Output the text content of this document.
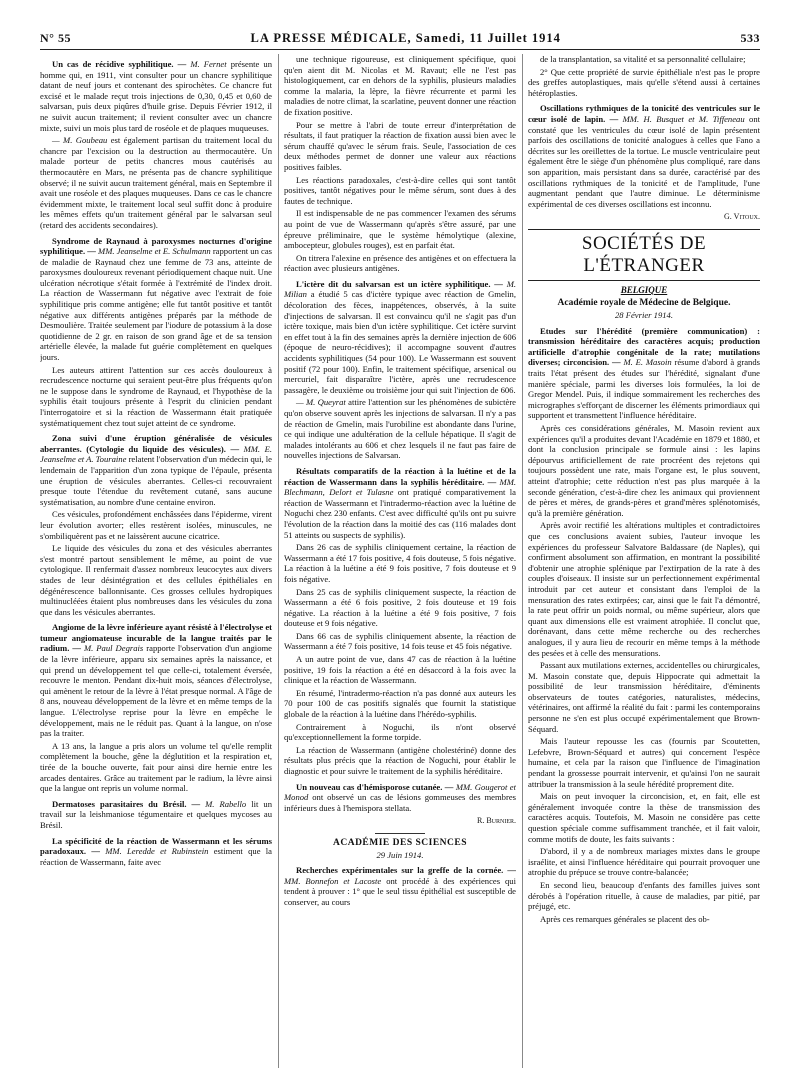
N° 55	LA PRESSE MÉDICALE, Samedi, 11 Juillet 1914	533

Un cas de récidive syphilitique. — M. Fernet présente un homme qui, en 1911, vint consulter pour un chancre syphilitique datant de neuf jours et contenant des spirochètes. Ce chancre fut excisé et le malade reçut trois injections de 0,30, 0,45 et 0,60 de salvarsan, puis deux piqûres d'huile grise. Depuis Février 1912, il ne suivit aucun traitement; il revient consulter avec un chancre mixte, suivi un mois plus tard de roséole et de plaques muqueuses.

— M. Goubeau est également partisan du traitement local du chancre par l'excision ou la destruction au thermocautère. Un malade porteur de petits chancres mous cautérisés au thermocautère en Mars, ne présenta pas de chancre syphilitique observé; il ne suivit aucun traitement général, mais en Septembre il avait une roséole et des plaques muqueuses. Dans ce cas le chancre évidemment mixte, le traitement local seul suffit donc à produire les mêmes effets qu'un traitement général par le salvarsan seul (retard des accidents secondaires).

Syndrome de Raynaud à paroxysmes nocturnes d'origine syphilitique. — MM. Jeanselme et E. Schulmann rapportent un cas de maladie de Raynaud chez une femme de 73 ans, atteinte de paroxysmes douloureux revenant périodiquement chaque nuit. Une ulcération nécrotique s'était formée à l'extrémité de l'index droit. La réaction de Wassermann fut négative avec l'extrait de foie syphilitique pris comme antigène; elle fut tantôt positive et tantôt négative aux différents antigènes préparés par la méthode de Desmoulière. Traitée seulement par l'iodure de potassium à la dose quotidienne de 2 gr. en raison de son grand âge et de sa tension artérielle élevée, la malade fut guérie complètement en quelques jours.

Les auteurs attirent l'attention sur ces accès douloureux à recrudescence nocturne qui seraient peut-être plus fréquents qu'on ne le suppose dans le syndrome de Raynaud, et l'hypothèse de la syphilis était toujours présente à l'esprit du clinicien pendant l'interrogatoire et si la réaction de Wassermann était pratiquée systématiquement chez tout sujet atteint de ce syndrome.

Zona suivi d'une éruption généralisée de vésicules aberrantes. (Cytologie du liquide des vésicules). — MM. E. Jeanselme et A. Touraine relatent l'observation d'un médecin qui, le lendemain de l'apparition d'un zona typique de l'épaule, présenta une éruption de vésicules aberrantes. Celles-ci recouvraient presque toute l'étendue du revêtement cutané, sans aucune systématisation, au nombre d'une centaine environ.

Ces vésicules, profondément enchâssées dans l'épiderme, virent leur évolution avorter; elles restèrent isolées, minuscules, ne s'ombiliquèrent pas et ne laissèrent aucune cicatrice.

Le liquide des vésicules du zona et des vésicules aberrantes s'est montré partout sensiblement le même, au point de vue cytologique. Il renfermait d'assez nombreux leucocytes aux divers stades de leur désintégration et des cellules épithéliales en dégénérescence ballonnisante. Ces grosses cellules hydropiques multinucléées étaient plus nombreuses dans les vésicules du zona que dans les vésicules aberrantes.

Angiome de la lèvre inférieure ayant résisté à l'électrolyse et tumeur angiomateuse incurable de la langue traités par le radium. — M. Paul Degrais rapporte l'observation d'un angiome de la lèvre inférieure, apparu six semaines après la naissance, et qui prend un développement tel que celle-ci, totalement éversée, recouvre le menton. Pendant dix-huit mois, séances d'électrolyse, qui amènent le retour de la lèvre à l'état presque normal. A l'âge de 8 ans, nouveau développement de la lèvre et en même temps de la langue. L'électrolyse reprise pour la lèvre en empêche le développement, mais ne le réduit pas. Quant à la langue, on n'ose pas la traiter.

A 13 ans, la langue a pris alors un volume tel qu'elle remplit complètement la bouche, gêne la déglutition et la respiration et, tirée de la bouche ouverte, fait pour ainsi dire hernie entre les arcades dentaires. Grâce au traitement par le radium, la lèvre ainsi que la langue ont repris un volume normal.

Dermatoses parasitaires du Brésil. — M. Rabello lit un travail sur la leishmaniose tégumentaire et quelques mycoses au Brésil.

La spécificité de la réaction de Wassermann et les sérums paradoxaux. — MM. Leredde et Rubinstein estiment que la réaction de Wassermann, faite avec

une technique rigoureuse, est cliniquement spécifique, quoi qu'en aient dit M. Nicolas et M. Ravaut; elle ne l'est pas histologiquement, car en dehors de la syphilis, plusieurs maladies comme la malaria, la lèpre, la fièvre récurrente et parmi les maladies de notre climat, la scarlatine, peuvent donner une réaction de fixation positive.

Pour se mettre à l'abri de toute erreur d'interprétation de résultats, il faut pratiquer la réaction de fixation aussi bien avec le sérum chauffé qu'avec le sérum frais. Seule, l'association de ces deux méthodes permet de donner une valeur aux réactions positives faibles.

Les réactions paradoxales, c'est-à-dire celles qui sont tantôt positives, tantôt négatives pour le même sérum, sont dues à des fautes de technique.

Il est indispensable de ne pas commencer l'examen des sérums au point de vue de Wassermann qu'après s'être assuré, par une épreuve préliminaire, que le système hémolytique (alexine, ambocepteur, globules rouges), est en parfait état.

On titrera l'alexine en présence des antigènes et on effectuera la réaction avec plusieurs antigènes.

L'ictère dit du salvarsan est un ictère syphilitique. — M. Milian a étudié 5 cas d'ictère typique avec réaction de Gmelin, décoloration des fèces, inappétences, observés, à la suite d'injections de salvarsan. Il est convaincu qu'il ne s'agit pas d'un ictère toxique, mais bien d'un ictère syphilitique. Cet ictère survint en effet tout à la fin des semaines après la dernière injection de 606 (époque de neuro-récidives); il accompagne souvent d'autres accidents syphilitiques (54 pour 100). Le Wassermann est souvent positif (72 pour 100). Enfin, le traitement spécifique, arsenical ou mercuriel, fait disparaître l'ictère, après une recrudescence passagère, le deuxième ou troisième jour qui suit l'injection de 606.

— M. Queyrat attire l'attention sur les phénomènes de subictère qu'on observe souvent après les injections de salvarsan. Il n'y a pas de réaction de Gmelin, mais l'urobiline est abondante dans l'urine, ce qui indique une adultération de la cellule hépatique. Il s'agit de malades intolérants au 606 et chez lesquels il ne faut pas faire de nouvelles injections de Salvarsan.

Résultats comparatifs de la réaction à la luétine et de la réaction de Wassermann dans la syphilis héréditaire. — MM. Blechmann, Delort et Tulasne ont pratiqué comparativement la réaction de Wassermann et l'intradermo-réaction avec la luétine de Noguchi chez 230 enfants. C'est avec difficulté qu'ils ont pu suivre l'évolution de la réaction dans la moitié des cas (116 malades dont 51 atteints ou suspects de syphilis).

Dans 26 cas de syphilis cliniquement certaine, la réaction de Wassermann a été 17 fois positive, 4 fois douteuse, 5 fois négative. La réaction à la luétine a été 9 fois positive, 7 fois douteuse et 9 fois négative.

Dans 25 cas de syphilis cliniquement suspecte, la réaction de Wassermann a été 6 fois positive, 2 fois douteuse et 19 fois négative. La réaction à la luétine a été 9 fois positive, 7 fois douteuse et 9 fois négative.

Dans 66 cas de syphilis cliniquement absente, la réaction de Wassermann a été 7 fois positive, 14 fois teuse et 45 fois négative.

A un autre point de vue, dans 47 cas de réaction à la luétine positive, 19 fois la réaction a été en désaccord à la fois avec la clinique et la réaction de Wassermann.

En résumé, l'intradermo-réaction n'a pas donné aux auteurs les 70 pour 100 de cas positifs signalés que fournit la statistique globale de la réaction à la luétine dans l'hérédo-syphilis.

Contrairement à Noguchi, ils n'ont observé qu'exceptionnellement la forme torpide.

La réaction de Wassermann (antigène cholestériné) donne des résultats plus précis que la réaction de Noguchi, pour établir le diagnostic et pour suivre le traitement de la syphilis héréditaire.

Un nouveau cas d'hémisporose cutanée. — MM. Gougerot et Monod ont observé un cas de lésions gommeuses des membres inférieurs dues à l'hemispora stellata.

R. Burnier.
ACADÉMIE DES SCIENCES
29 Juin 1914.

Recherches expérimentales sur la greffe de la cornée. — MM. Bonnefon et Lacoste ont procédé à des expériences qui tendent à prouver : 1° que le seul tissu épithélial est susceptible de conserver, au cours

de la transplantation, sa vitalité et sa personnalité cellulaire;

2° Que cette propriété de survie épithéliale n'est pas le propre des greffes autoplastiques, mais qu'elle s'étend aussi à certaines hétéroplasties.

Oscillations rythmiques de la tonicité des ventricules sur le cœur isolé de lapin. — MM. H. Busquet et M. Tiffeneau ont constaté que les ventricules du cœur isolé de lapin présentent parfois des oscillations de tonicité analogues à celles que Fano a décrites sur les oreillettes de la tortue. Le muscle ventriculaire peut également être le siège d'un phénomène plus compliqué, rare dans son apparition, mais persistant dans sa durée, caractérisé par des oscillations rythmiques de la tonicité et de l'amplitude, l'une augmentant pendant que l'autre diminue. Le déterminisme expérimental de ces diverses oscillations est inconnu.

G. Vitoux.
SOCIÉTÉS DE L'ÉTRANGER
BELGIQUE
Académie royale de Médecine de Belgique.
28 Février 1914.

Etudes sur l'hérédité (première communication) : transmission héréditaire des caractères acquis; production artificielle d'atrophie congénitale de la rate; mutilations diverses; circoncision. — M. E. Masoin résume d'abord à grands traits l'état présent des études sur l'hérédité, signalant d'une manière spéciale, parmi les diverses lois formulées, la loi de Gregor Mendel. Puis, il indique sommairement les recherches des micrographes s'efforçant de discerner les éléments primordiaux qui supportent et transmettent l'influence héréditaire.

Après ces considérations générales, M. Masoin revient aux expériences qu'il a produites devant l'Académie en 1879 et 1880, et dont la conclusion principale se formule ainsi : les lapins dépourvus artificiellement de rate procréent des rejetons qui toujours possèdent une rate, mais l'organe est, le plus souvent, atteint d'atrophie; cette réduction n'est pas plus marquée à la seconde génération, c'est-à-dire chez les animaux qui proviennent de pères et mères, de grands-pères et grand'mères splénotomisés, qu'à la première génération.

Après avoir rectifié les altérations multiples et contradictoires que ces conclusions avaient subies, l'auteur invoque les expériences du professeur Salvatore Baldassare (de Naples), qui confirment absolument son affirmation, en montrant la possibilité d'obtenir une atrophie splénique par l'extirpation de la rate à des couples d'oiseaux. Il insiste sur un perfectionnement expérimental introduit par cet auteur et consistant dans l'emploi de la mensuration des rates extirpées; car, ainsi que le fait l'a démontré, la rate peut offrir un poids normal, ou même supérieur, alors que quant aux dimensions elle est vraiment atrophiée. Il conclut que, dorénavant, dans cette même recherche ou des recherches analogues, il y aura lieu de recourir en même temps à la méthode des pesées et à celle des mensurations.

Passant aux mutilations externes, accidentelles ou chirurgicales, M. Masoin constate que, depuis Hippocrate qui admettait la possibilité de leur transmission héréditaire, d'éminents observateurs de toutes catégories, naturalistes, médecins, vétérinaires, ont affirmé la réalité du fait : parmi les contemporains personne ne s'en est plus occupé expérimentalement que Brown-Séquard.

Mais l'auteur repousse les cas (fournis par Scoutetten, Lefebvre, Brown-Séquard et autres) qui concernent l'espèce humaine, et cela par la raison que l'influence de l'imagination pendant la grossesse pourrait intervenir, et qu'ainsi l'on ne saurait attribuer la transmission à la seule hérédité proprement dite.

Mais on peut invoquer la circoncision, et, en fait, elle est généralement invoquée contre la thèse de transmission des caractères acquis. Toutefois, M. Masoin ne considère pas cette question spéciale comme suffisamment tranchée, et il fait valoir, comme motifs de doute, les faits suivants :

D'abord, il y a de nombreux mariages mixtes dans le groupe israélite, et ainsi l'influence héréditaire qui pourrait provoquer une atrophie du prépuce se trouve contre-balancée;

En second lieu, beaucoup d'enfants des familles juives sont dérobés à l'opération rituelle, à cause de maladies, par pitié, par préjugé, etc.

Après ces remarques générales se placent des ob-
